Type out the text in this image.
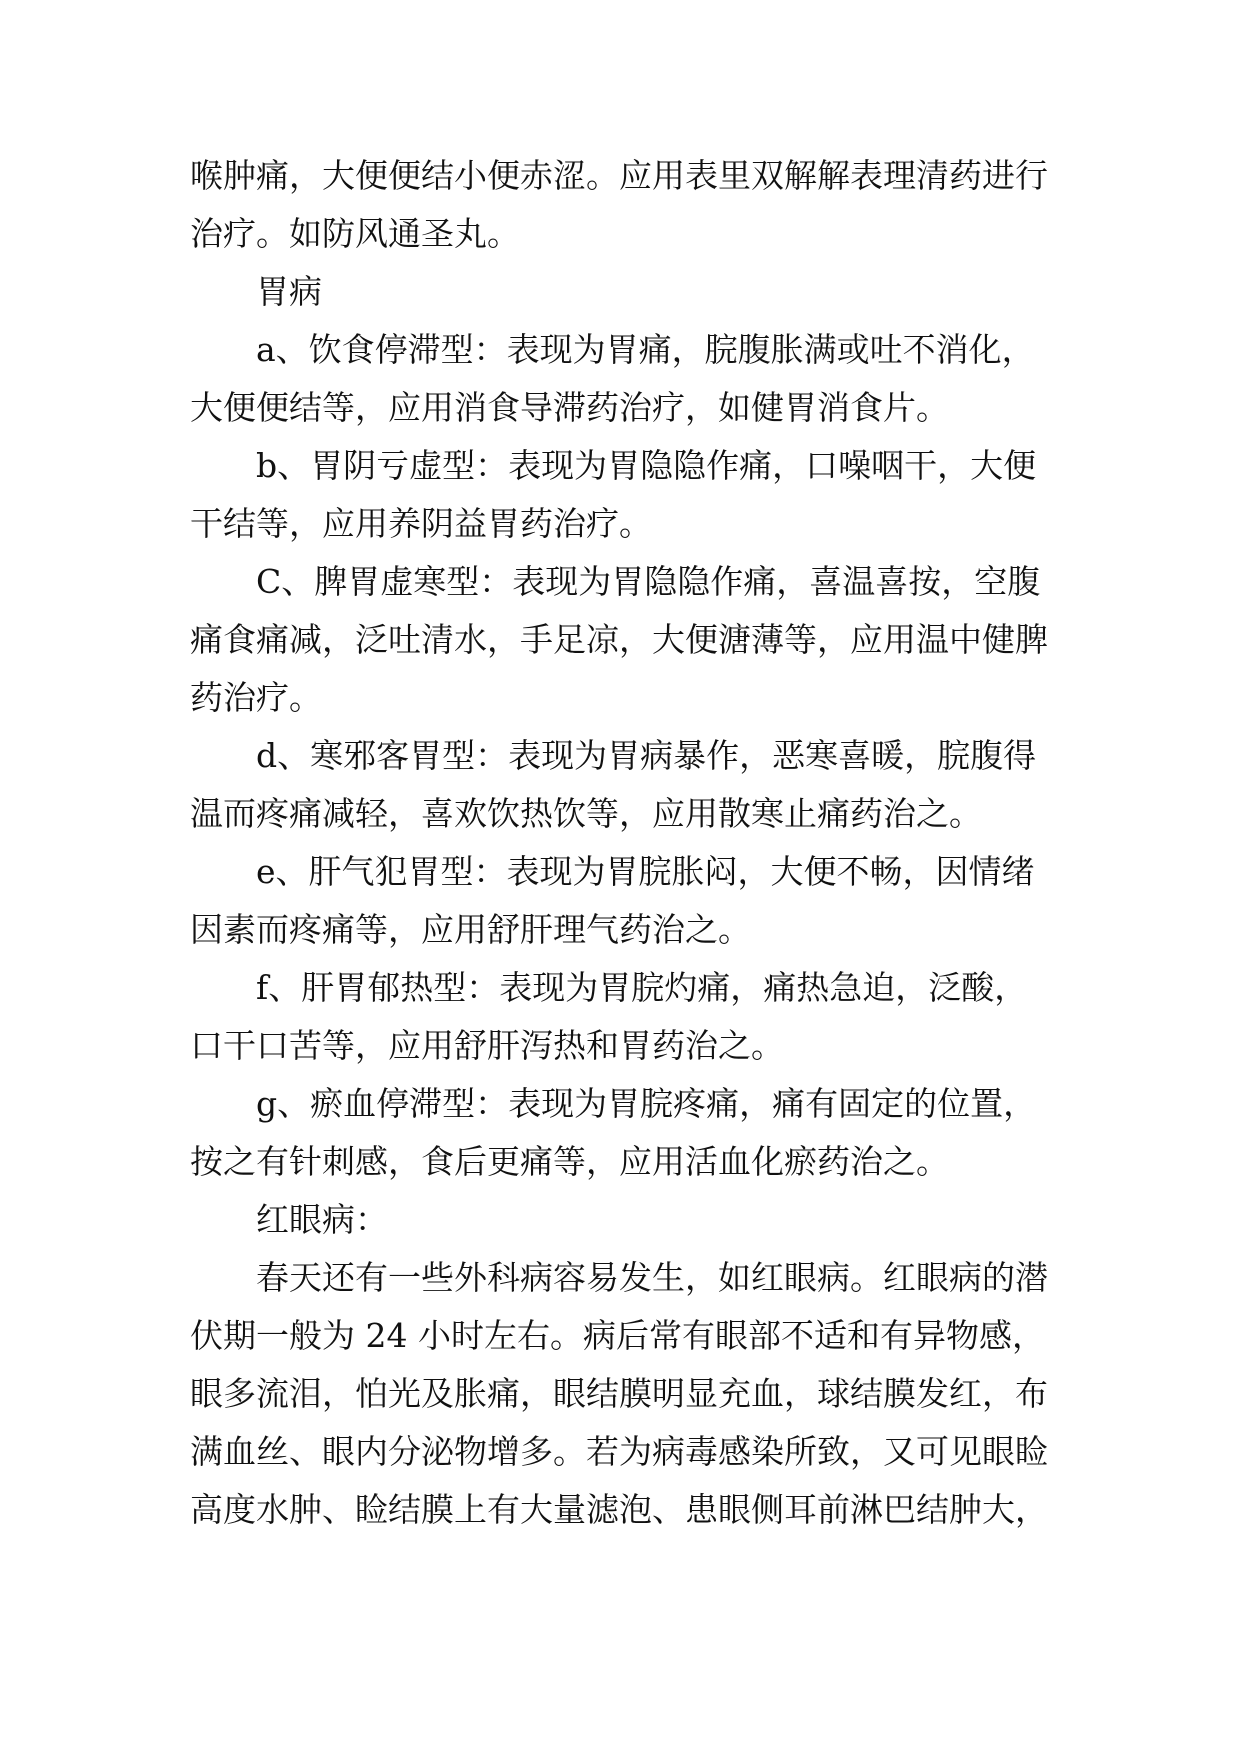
喉肿痛，大便便结小便赤涩。应用表里双解解表理清药进行治疗。如防风通圣丸。

胃病

a、饮食停滞型：表现为胃痛，脘腹胀满或吐不消化，大便便结等，应用消食导滞药治疗，如健胃消食片。

b、胃阴亏虚型：表现为胃隐隐作痛，口噪咽干，大便干结等，应用养阴益胃药治疗。

C、脾胃虚寒型：表现为胃隐隐作痛，喜温喜按，空腹痛食痛减，泛吐清水，手足凉，大便溏薄等，应用温中健脾药治疗。

d、寒邪客胃型：表现为胃病暴作，恶寒喜暖，脘腹得温而疼痛减轻，喜欢饮热饮等，应用散寒止痛药治之。

e、肝气犯胃型：表现为胃脘胀闷，大便不畅，因情绪因素而疼痛等，应用舒肝理气药治之。

f、肝胃郁热型：表现为胃脘灼痛，痛热急迫，泛酸，口干口苦等，应用舒肝泻热和胃药治之。

g、瘀血停滞型：表现为胃脘疼痛，痛有固定的位置，按之有针刺感，食后更痛等，应用活血化瘀药治之。

红眼病：

春天还有一些外科病容易发生，如红眼病。红眼病的潜伏期一般为 24 小时左右。病后常有眼部不适和有异物感，眼多流泪，怕光及胀痛，眼结膜明显充血，球结膜发红，布满血丝、眼内分泌物增多。若为病毒感染所致，又可见眼睑高度水肿、睑结膜上有大量滤泡、患眼侧耳前淋巴结肿大，
